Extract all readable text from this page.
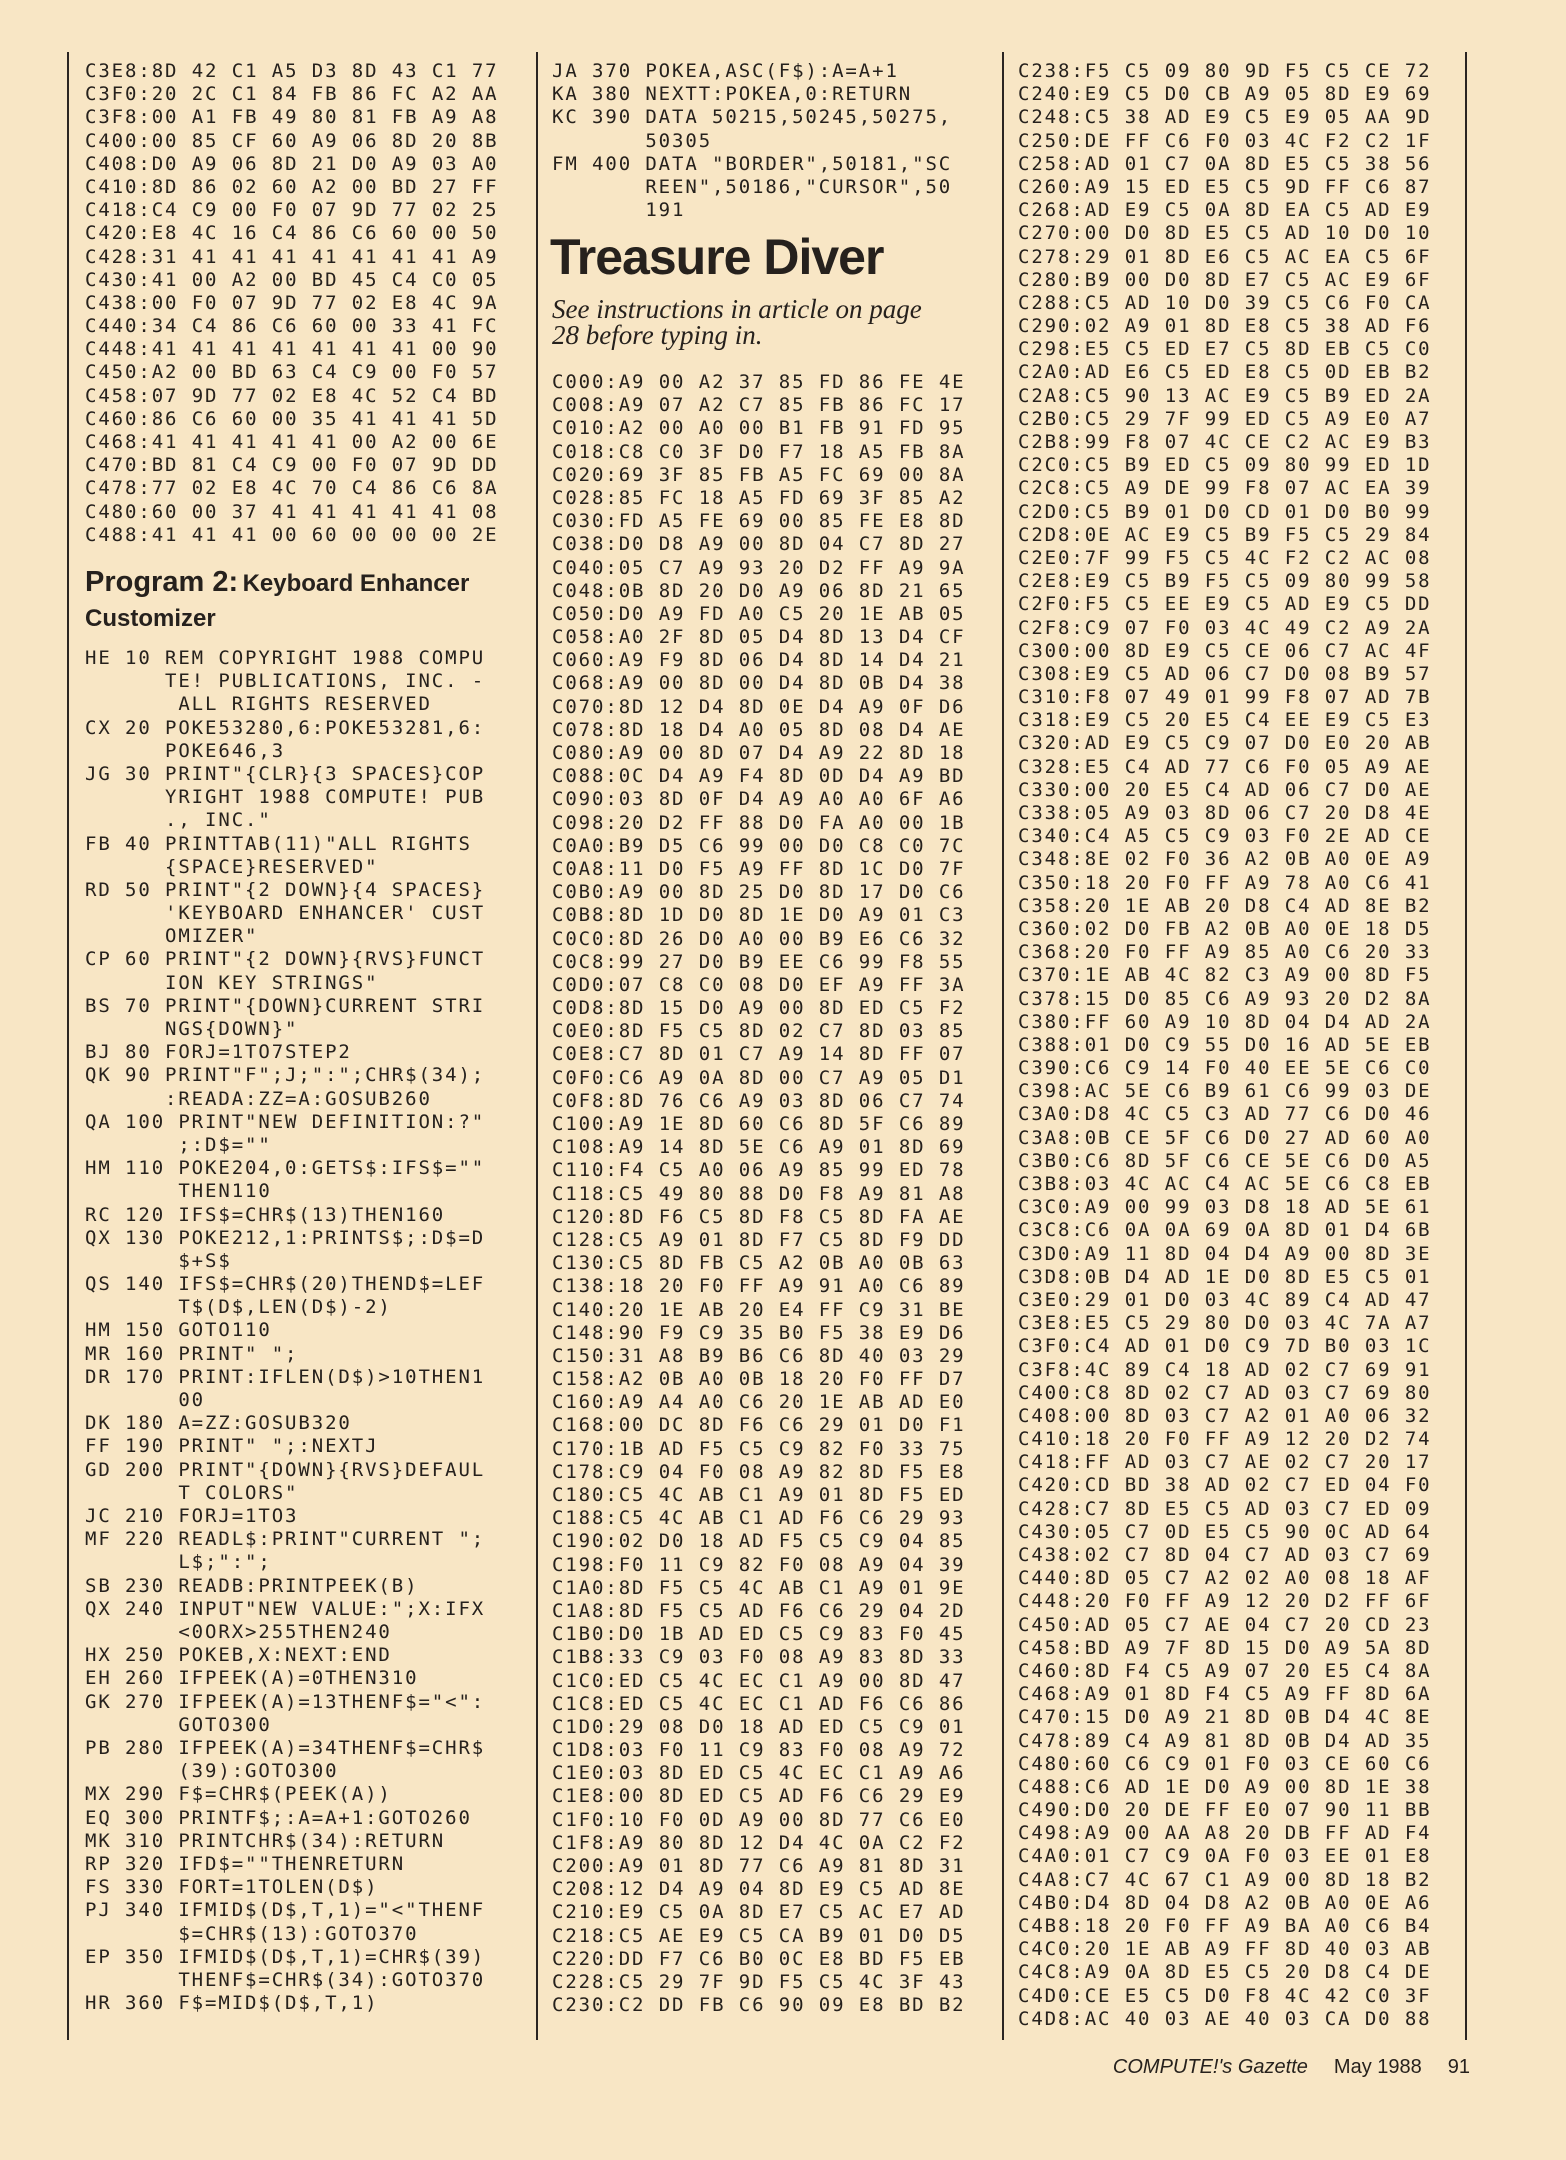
C3E8:8D 42 C1 A5 D3 8D 43 C1 77
C3F0:20 2C C1 84 FB 86 FC A2 AA
C3F8:00 A1 FB 49 80 81 FB A9 A8
C400:00 85 CF 60 A9 06 8D 20 8B
C408:D0 A9 06 8D 21 D0 A9 03 A0
C410:8D 86 02 60 A2 00 BD 27 FF
C418:C4 C9 00 F0 07 9D 77 02 25
C420:E8 4C 16 C4 86 C6 60 00 50
C428:31 41 41 41 41 41 41 41 A9
C430:41 00 A2 00 BD 45 C4 C0 05
C438:00 F0 07 9D 77 02 E8 4C 9A
C440:34 C4 86 C6 60 00 33 41 FC
C448:41 41 41 41 41 41 41 00 90
C450:A2 00 BD 63 C4 C9 00 F0 57
C458:07 9D 77 02 E8 4C 52 C4 BD
C460:86 C6 60 00 35 41 41 41 5D
C468:41 41 41 41 41 00 A2 00 6E
C470:BD 81 C4 C9 00 F0 07 9D DD
C478:77 02 E8 4C 70 C4 86 C6 8A
C480:60 00 37 41 41 41 41 41 08
C488:41 41 41 00 60 00 00 00 2E
Program 2: Keyboard Enhancer
Customizer
HE 10 REM COPYRIGHT 1988 COMPU
TE! PUBLICATIONS, INC. -
ALL RIGHTS RESERVED
CX 20 POKE53280,6:POKE53281,6:
POKE646,3
JG 30 PRINT"{CLR}{3 SPACES}COP
YRIGHT 1988 COMPUTE! PUB
., INC."
FB 40 PRINTTAB(11)"ALL RIGHTS
{SPACE}RESERVED"
RD 50 PRINT"{2 DOWN}{4 SPACES}
'KEYBOARD ENHANCER' CUST
OMIZER"
CP 60 PRINT"{2 DOWN}{RVS}FUNCT
ION KEY STRINGS"
BS 70 PRINT"{DOWN}CURRENT STRI
NGS{DOWN}"
BJ 80 FORJ=1TO7STEP2
QK 90 PRINT"F";J;":";CHR$(34);
:READA:ZZ=A:GOSUB260
QA 100 PRINT"NEW DEFINITION:?"
;:D$=""
HM 110 POKE204,0:GETS$:IFS$=""
THEN110
RC 120 IFS$=CHR$(13)THEN160
QX 130 POKE212,1:PRINTS$;:D$=D
$+S$
QS 140 IFS$=CHR$(20)THEND$=LEF
T$(D$,LEN(D$)-2)
HM 150 GOTO110
MR 160 PRINT" ";
DR 170 PRINT:IFLEN(D$)>10THEN1
00
DK 180 A=ZZ:GOSUB320
FF 190 PRINT" ";:NEXTJ
GD 200 PRINT"{DOWN}{RVS}DEFAUL
T COLORS"
JC 210 FORJ=1TO3
MF 220 READL$:PRINT"CURRENT ";
L$;":";
SB 230 READB:PRINTPEEK(B)
QX 240 INPUT"NEW VALUE:";X:IFX
<0ORX>255THEN240
HX 250 POKEB,X:NEXT:END
EH 260 IFPEEK(A)=0THEN310
GK 270 IFPEEK(A)=13THENF$="<":
GOTO300
PB 280 IFPEEK(A)=34THENF$=CHR$
(39):GOTO300
MX 290 F$=CHR$(PEEK(A))
EQ 300 PRINTF$;:A=A+1:GOTO260
MK 310 PRINTCHR$(34):RETURN
RP 320 IFD$=""THENRETURN
FS 330 FORT=1TOLEN(D$)
PJ 340 IFMID$(D$,T,1)="<"THENF
$=CHR$(13):GOTO370
EP 350 IFMID$(D$,T,1)=CHR$(39)
THENF$=CHR$(34):GOTO370
HR 360 F$=MID$(D$,T,1)
JA 370 POKEA,ASC(F$):A=A+1
KA 380 NEXTT:POKEA,0:RETURN
KC 390 DATA 50215,50245,50275,
50305
FM 400 DATA "BORDER",50181,"SC
REEN",50186,"CURSOR",50
191
Treasure Diver
See instructions in article on page
28 before typing in.
C000:A9 00 A2 37 85 FD 86 FE 4E
C008:A9 07 A2 C7 85 FB 86 FC 17
C010:A2 00 A0 00 B1 FB 91 FD 95
C018:C8 C0 3F D0 F7 18 A5 FB 8A
C020:69 3F 85 FB A5 FC 69 00 8A
C028:85 FC 18 A5 FD 69 3F 85 A2
C030:FD A5 FE 69 00 85 FE E8 8D
C038:D0 D8 A9 00 8D 04 C7 8D 27
C040:05 C7 A9 93 20 D2 FF A9 9A
C048:0B 8D 20 D0 A9 06 8D 21 65
C050:D0 A9 FD A0 C5 20 1E AB 05
C058:A0 2F 8D 05 D4 8D 13 D4 CF
C060:A9 F9 8D 06 D4 8D 14 D4 21
C068:A9 00 8D 00 D4 8D 0B D4 38
C070:8D 12 D4 8D 0E D4 A9 0F D6
C078:8D 18 D4 A0 05 8D 08 D4 AE
C080:A9 00 8D 07 D4 A9 22 8D 18
C088:0C D4 A9 F4 8D 0D D4 A9 BD
C090:03 8D 0F D4 A9 A0 A0 6F A6
C098:20 D2 FF 88 D0 FA A0 00 1B
C0A0:B9 D5 C6 99 00 D0 C8 C0 7C
C0A8:11 D0 F5 A9 FF 8D 1C D0 7F
C0B0:A9 00 8D 25 D0 8D 17 D0 C6
C0B8:8D 1D D0 8D 1E D0 A9 01 C3
C0C0:8D 26 D0 A0 00 B9 E6 C6 32
C0C8:99 27 D0 B9 EE C6 99 F8 55
C0D0:07 C8 C0 08 D0 EF A9 FF 3A
C0D8:8D 15 D0 A9 00 8D ED C5 F2
C0E0:8D F5 C5 8D 02 C7 8D 03 85
C0E8:C7 8D 01 C7 A9 14 8D FF 07
C0F0:C6 A9 0A 8D 00 C7 A9 05 D1
C0F8:8D 76 C6 A9 03 8D 06 C7 74
C100:A9 1E 8D 60 C6 8D 5F C6 89
C108:A9 14 8D 5E C6 A9 01 8D 69
C110:F4 C5 A0 06 A9 85 99 ED 78
C118:C5 49 80 88 D0 F8 A9 81 A8
C120:8D F6 C5 8D F8 C5 8D FA AE
C128:C5 A9 01 8D F7 C5 8D F9 DD
C130:C5 8D FB C5 A2 0B A0 0B 63
C138:18 20 F0 FF A9 91 A0 C6 89
C140:20 1E AB 20 E4 FF C9 31 BE
C148:90 F9 C9 35 B0 F5 38 E9 D6
C150:31 A8 B9 B6 C6 8D 40 03 29
C158:A2 0B A0 0B 18 20 F0 FF D7
C160:A9 A4 A0 C6 20 1E AB AD E0
C168:00 DC 8D F6 C6 29 01 D0 F1
C170:1B AD F5 C5 C9 82 F0 33 75
C178:C9 04 F0 08 A9 82 8D F5 E8
C180:C5 4C AB C1 A9 01 8D F5 ED
C188:C5 4C AB C1 AD F6 C6 29 93
C190:02 D0 18 AD F5 C5 C9 04 85
C198:F0 11 C9 82 F0 08 A9 04 39
C1A0:8D F5 C5 4C AB C1 A9 01 9E
C1A8:8D F5 C5 AD F6 C6 29 04 2D
C1B0:D0 1B AD ED C5 C9 83 F0 45
C1B8:33 C9 03 F0 08 A9 83 8D 33
C1C0:ED C5 4C EC C1 A9 00 8D 47
C1C8:ED C5 4C EC C1 AD F6 C6 86
C1D0:29 08 D0 18 AD ED C5 C9 01
C1D8:03 F0 11 C9 83 F0 08 A9 72
C1E0:03 8D ED C5 4C EC C1 A9 A6
C1E8:00 8D ED C5 AD F6 C6 29 E9
C1F0:10 F0 0D A9 00 8D 77 C6 E0
C1F8:A9 80 8D 12 D4 4C 0A C2 F2
C200:A9 01 8D 77 C6 A9 81 8D 31
C208:12 D4 A9 04 8D E9 C5 AD 8E
C210:E9 C5 0A 8D E7 C5 AC E7 AD
C218:C5 AE E9 C5 CA B9 01 D0 D5
C220:DD F7 C6 B0 0C E8 BD F5 EB
C228:C5 29 7F 9D F5 C5 4C 3F 43
C230:C2 DD FB C6 90 09 E8 BD B2
C238:F5 C5 09 80 9D F5 C5 CE 72
C240:E9 C5 D0 CB A9 05 8D E9 69
C248:C5 38 AD E9 C5 E9 05 AA 9D
C250:DE FF C6 F0 03 4C F2 C2 1F
C258:AD 01 C7 0A 8D E5 C5 38 56
C260:A9 15 ED E5 C5 9D FF C6 87
C268:AD E9 C5 0A 8D EA C5 AD E9
C270:00 D0 8D E5 C5 AD 10 D0 10
C278:29 01 8D E6 C5 AC EA C5 6F
C280:B9 00 D0 8D E7 C5 AC E9 6F
C288:C5 AD 10 D0 39 C5 C6 F0 CA
C290:02 A9 01 8D E8 C5 38 AD F6
C298:E5 C5 ED E7 C5 8D EB C5 C0
C2A0:AD E6 C5 ED E8 C5 0D EB B2
C2A8:C5 90 13 AC E9 C5 B9 ED 2A
C2B0:C5 29 7F 99 ED C5 A9 E0 A7
C2B8:99 F8 07 4C CE C2 AC E9 B3
C2C0:C5 B9 ED C5 09 80 99 ED 1D
C2C8:C5 A9 DE 99 F8 07 AC EA 39
C2D0:C5 B9 01 D0 CD 01 D0 B0 99
C2D8:0E AC E9 C5 B9 F5 C5 29 84
C2E0:7F 99 F5 C5 4C F2 C2 AC 08
C2E8:E9 C5 B9 F5 C5 09 80 99 58
C2F0:F5 C5 EE E9 C5 AD E9 C5 DD
C2F8:C9 07 F0 03 4C 49 C2 A9 2A
C300:00 8D E9 C5 CE 06 C7 AC 4F
C308:E9 C5 AD 06 C7 D0 08 B9 57
C310:F8 07 49 01 99 F8 07 AD 7B
C318:E9 C5 20 E5 C4 EE E9 C5 E3
C320:AD E9 C5 C9 07 D0 E0 20 AB
C328:E5 C4 AD 77 C6 F0 05 A9 AE
C330:00 20 E5 C4 AD 06 C7 D0 AE
C338:05 A9 03 8D 06 C7 20 D8 4E
C340:C4 A5 C5 C9 03 F0 2E AD CE
C348:8E 02 F0 36 A2 0B A0 0E A9
C350:18 20 F0 FF A9 78 A0 C6 41
C358:20 1E AB 20 D8 C4 AD 8E B2
C360:02 D0 FB A2 0B A0 0E 18 D5
C368:20 F0 FF A9 85 A0 C6 20 33
C370:1E AB 4C 82 C3 A9 00 8D F5
C378:15 D0 85 C6 A9 93 20 D2 8A
C380:FF 60 A9 10 8D 04 D4 AD 2A
C388:01 D0 C9 55 D0 16 AD 5E EB
C390:C6 C9 14 F0 40 EE 5E C6 C0
C398:AC 5E C6 B9 61 C6 99 03 DE
C3A0:D8 4C C5 C3 AD 77 C6 D0 46
C3A8:0B CE 5F C6 D0 27 AD 60 A0
C3B0:C6 8D 5F C6 CE 5E C6 D0 A5
C3B8:03 4C AC C4 AC 5E C6 C8 EB
C3C0:A9 00 99 03 D8 18 AD 5E 61
C3C8:C6 0A 0A 69 0A 8D 01 D4 6B
C3D0:A9 11 8D 04 D4 A9 00 8D 3E
C3D8:0B D4 AD 1E D0 8D E5 C5 01
C3E0:29 01 D0 03 4C 89 C4 AD 47
C3E8:E5 C5 29 80 D0 03 4C 7A A7
C3F0:C4 AD 01 D0 C9 7D B0 03 1C
C3F8:4C 89 C4 18 AD 02 C7 69 91
C400:C8 8D 02 C7 AD 03 C7 69 80
C408:00 8D 03 C7 A2 01 A0 06 32
C410:18 20 F0 FF A9 12 20 D2 74
C418:FF AD 03 C7 AE 02 C7 20 17
C420:CD BD 38 AD 02 C7 ED 04 F0
C428:C7 8D E5 C5 AD 03 C7 ED 09
C430:05 C7 0D E5 C5 90 0C AD 64
C438:02 C7 8D 04 C7 AD 03 C7 69
C440:8D 05 C7 A2 02 A0 08 18 AF
C448:20 F0 FF A9 12 20 D2 FF 6F
C450:AD 05 C7 AE 04 C7 20 CD 23
C458:BD A9 7F 8D 15 D0 A9 5A 8D
C460:8D F4 C5 A9 07 20 E5 C4 8A
C468:A9 01 8D F4 C5 A9 FF 8D 6A
C470:15 D0 A9 21 8D 0B D4 4C 8E
C478:89 C4 A9 81 8D 0B D4 AD 35
C480:60 C6 C9 01 F0 03 CE 60 C6
C488:C6 AD 1E D0 A9 00 8D 1E 38
C490:D0 20 DE FF E0 07 90 11 BB
C498:A9 00 AA A8 20 DB FF AD F4
C4A0:01 C7 C9 0A F0 03 EE 01 E8
C4A8:C7 4C 67 C1 A9 00 8D 18 B2
C4B0:D4 8D 04 D8 A2 0B A0 0E A6
C4B8:18 20 F0 FF A9 BA A0 C6 B4
C4C0:20 1E AB A9 FF 8D 40 03 AB
C4C8:A9 0A 8D E5 C5 20 D8 C4 DE
C4D0:CE E5 C5 D0 F8 4C 42 C0 3F
C4D8:AC 40 03 AE 40 03 CA D0 88
COMPUTE!'s Gazette May 1988 91
